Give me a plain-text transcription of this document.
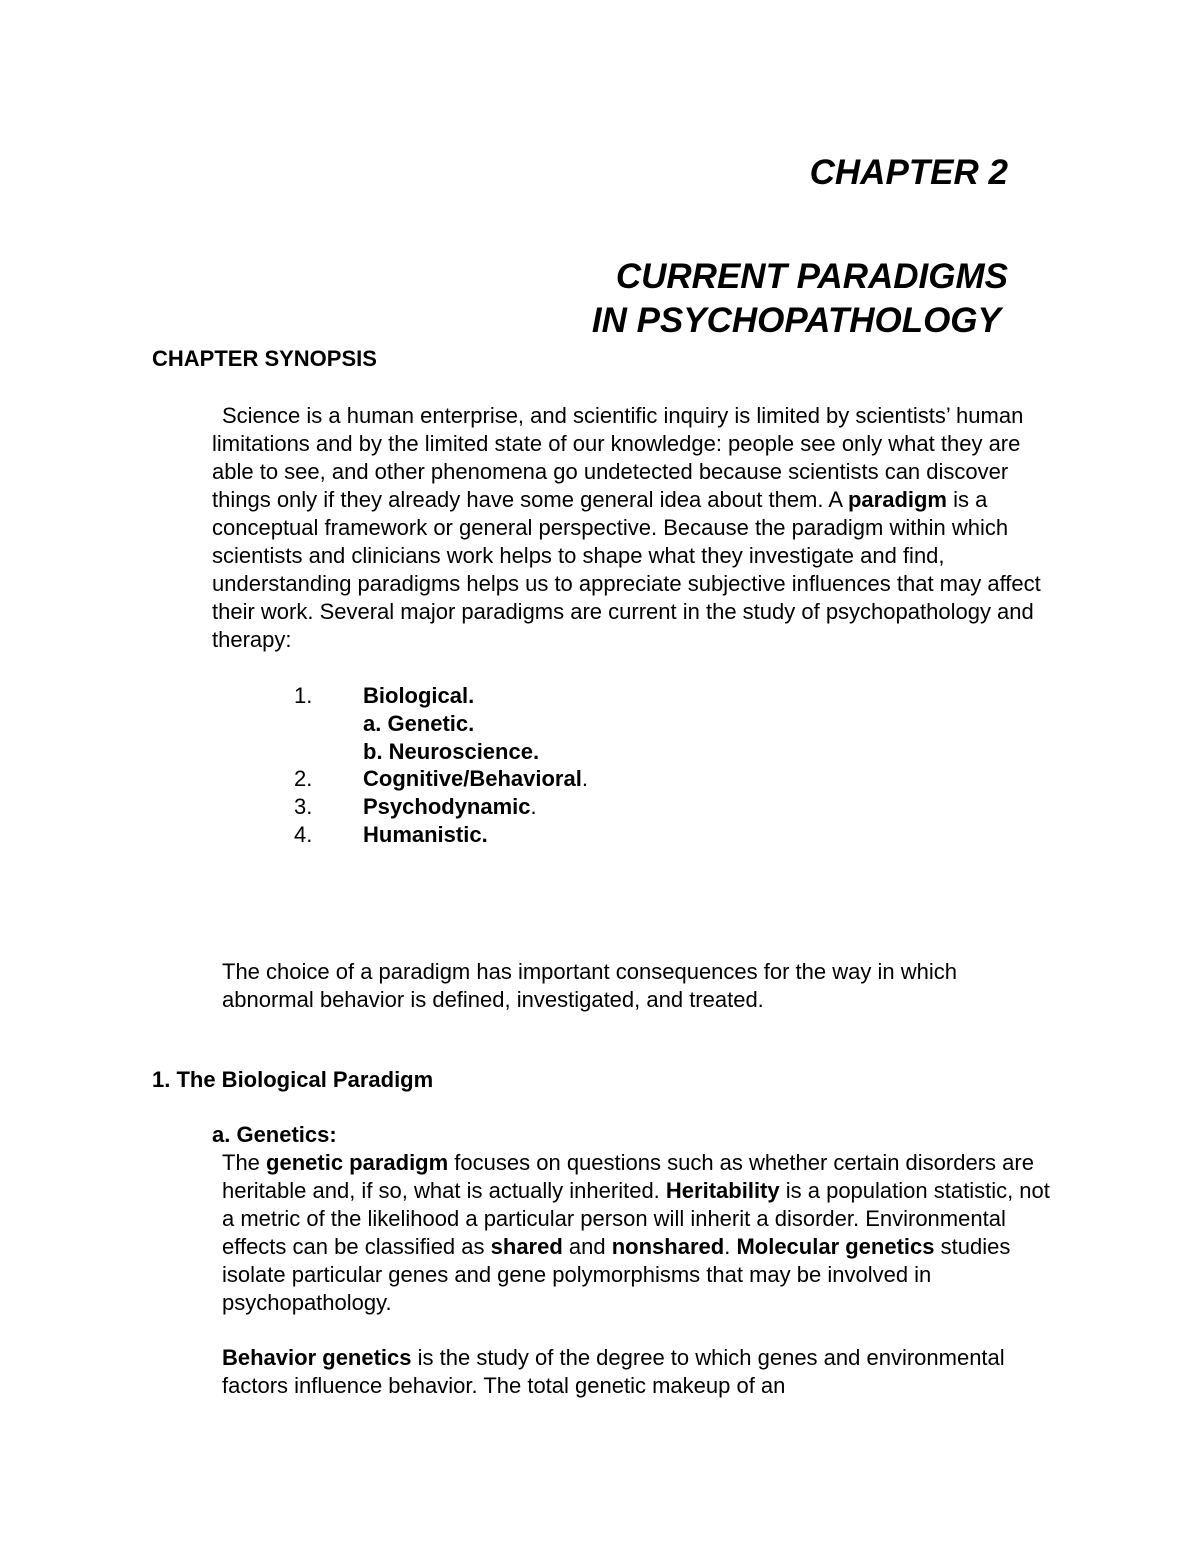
CHAPTER 2
CURRENT PARADIGMS
IN PSYCHOPATHOLOGY
CHAPTER SYNOPSIS
Science is a human enterprise, and scientific inquiry is limited by scientists’ human limitations and by the limited state of our knowledge: people see only what they are able to see, and other phenomena go undetected because scientists can discover things only if they already have some general idea about them. A paradigm is a conceptual framework or general perspective. Because the paradigm within which scientists and clinicians work helps to shape what they investigate and find, understanding paradigms helps us to appreciate subjective influences that may affect their work. Several major paradigms are current in the study of psychopathology and therapy:
1. Biological.
a. Genetic.
b. Neuroscience.
2. Cognitive/Behavioral.
3. Psychodynamic.
4. Humanistic.
The choice of a paradigm has important consequences for the way in which abnormal behavior is defined, investigated, and treated.
1. The Biological Paradigm
a. Genetics:
The genetic paradigm focuses on questions such as whether certain disorders are heritable and, if so, what is actually inherited. Heritability is a population statistic, not a metric of the likelihood a particular person will inherit a disorder. Environmental effects can be classified as shared and nonshared. Molecular genetics studies isolate particular genes and gene polymorphisms that may be involved in psychopathology.
Behavior genetics is the study of the degree to which genes and environmental factors influence behavior. The total genetic makeup of an
